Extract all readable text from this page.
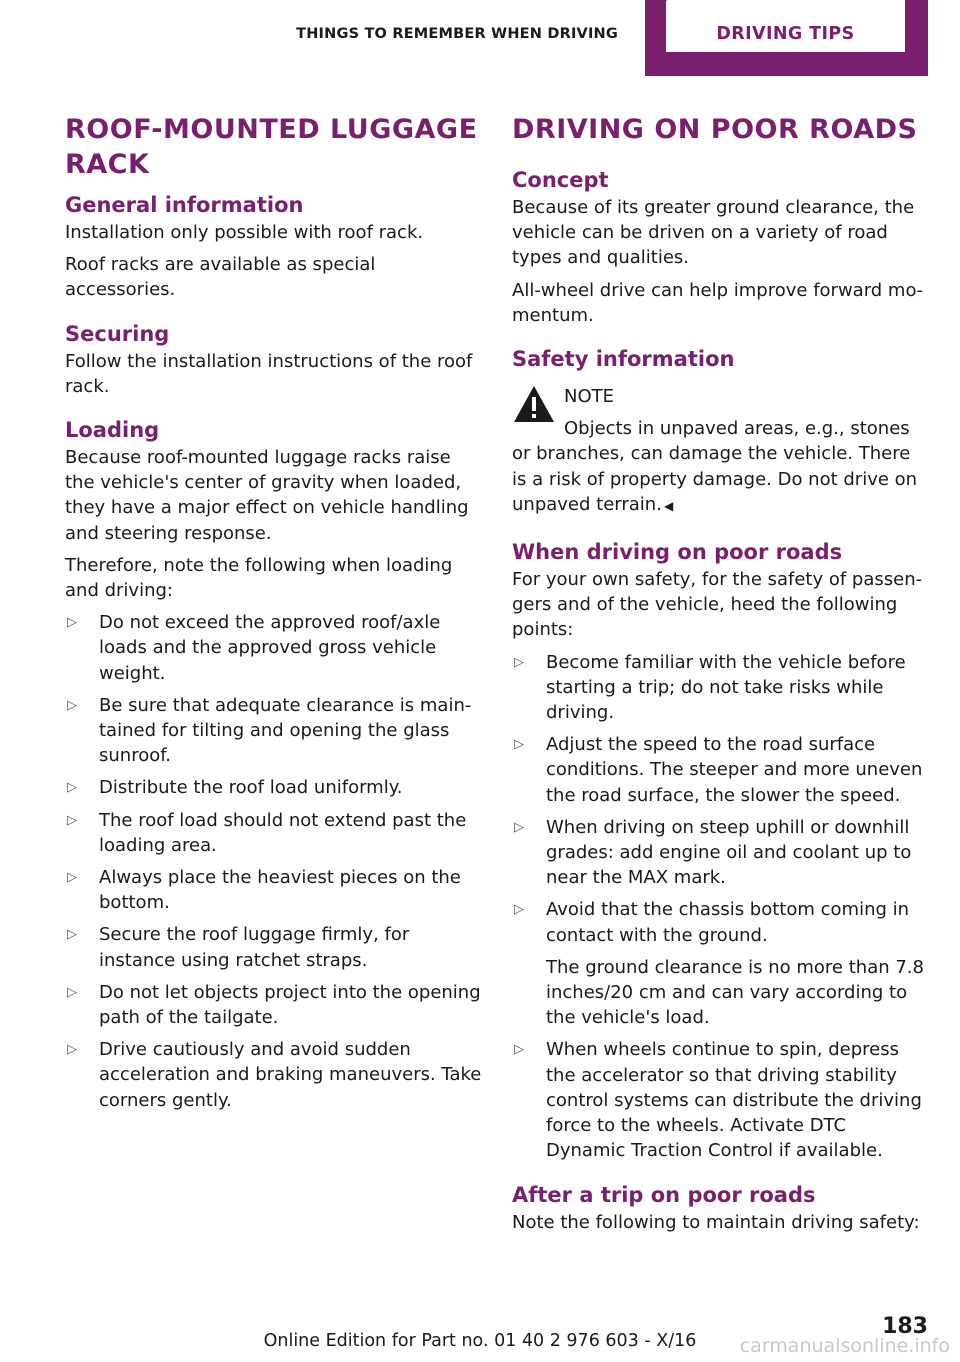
THINGS TO REMEMBER WHEN DRIVING	DRIVING TIPS
ROOF-MOUNTED LUGGAGE RACK
General information

Installation only possible with roof rack.

Roof racks are available as special accessories.

Securing

Follow the installation instructions of the roof rack.

Loading

Because roof-mounted luggage racks raise the vehicle's center of gravity when loaded, they have a major effect on vehicle handling and steering response.

Therefore, note the following when loading and driving:

▷ Do not exceed the approved roof/axle loads and the approved gross vehicle weight.
▷ Be sure that adequate clearance is maintained for tilting and opening the glass sunroof.
▷ Distribute the roof load uniformly.
▷ The roof load should not extend past the loading area.
▷ Always place the heaviest pieces on the bottom.
▷ Secure the roof luggage firmly, for instance using ratchet straps.
▷ Do not let objects project into the opening path of the tailgate.
▷ Drive cautiously and avoid sudden acceleration and braking maneuvers. Take corners gently.
DRIVING ON POOR ROADS
Concept

Because of its greater ground clearance, the vehicle can be driven on a variety of road types and qualities.

All-wheel drive can help improve forward momentum.

Safety information
NOTE
Objects in unpaved areas, e.g., stones or branches, can damage the vehicle. There is a risk of property damage. Do not drive on unpaved terrain. ◀
When driving on poor roads

For your own safety, for the safety of passengers and of the vehicle, heed the following points:

▷ Become familiar with the vehicle before starting a trip; do not take risks while driving.
▷ Adjust the speed to the road surface conditions. The steeper and more uneven the road surface, the slower the speed.
▷ When driving on steep uphill or downhill grades: add engine oil and coolant up to near the MAX mark.
▷ Avoid that the chassis bottom coming in contact with the ground.
The ground clearance is no more than 7.8 inches/20 cm and can vary according to the vehicle's load.
▷ When wheels continue to spin, depress the accelerator so that driving stability control systems can distribute the driving force to the wheels. Activate DTC Dynamic Traction Control if available.
After a trip on poor roads

Note the following to maintain driving safety:

Online Edition for Part no. 01 40 2 976 603 - X/16
183
carmanualsonline.info
